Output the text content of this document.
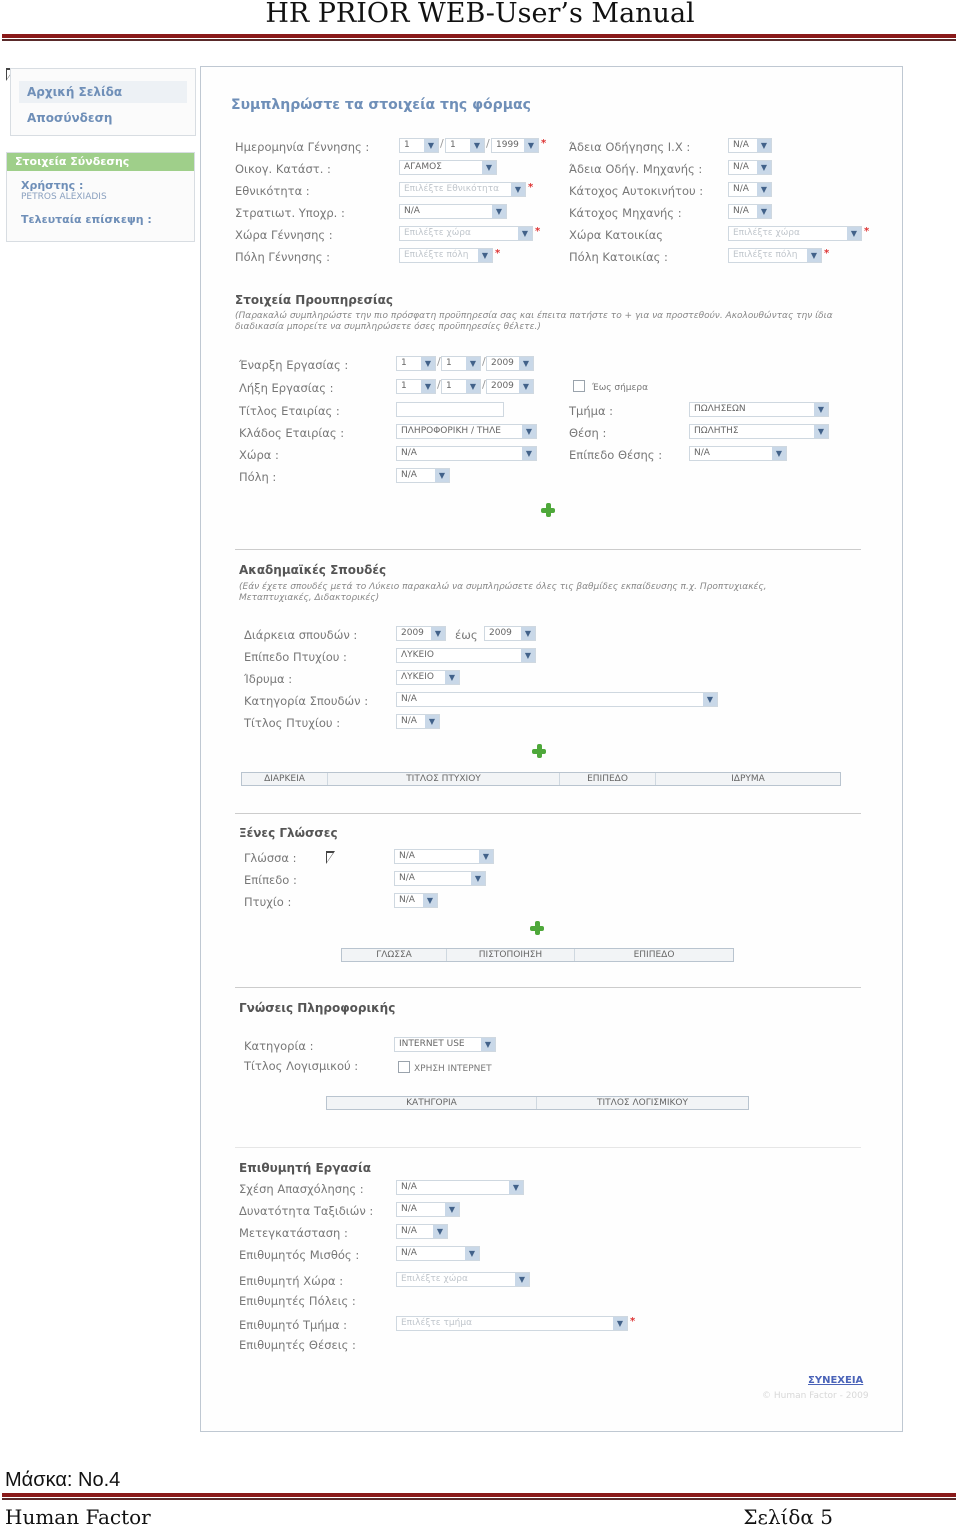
HR PRIOR WEB-User’s Manual
Αρχική Σελίδα
Αποσύνδεση
Στοιχεία Σύνδεσης
Χρήστης :
PETROS ALEXIADIS
Τελευταία επίσκεψη :
Συμπληρώστε τα στοιχεία της φόρμας
Ημερομηνία Γέννησης :	1	▼ / 1	▼ / 1999	▼ *
Οικογ. Κατάστ. :	ΑΓΑΜΟΣ	▼
Εθνικότητα :	Επιλέξτε Εθνικότητα	▼ *
Στρατιωτ. Υποχρ. :	N/A	▼
Χώρα Γέννησης :	Επιλέξτε χώρα	▼ *
Πόλη Γέννησης :	Επιλέξτε πόλη	▼ *
Άδεια Οδήγησης I.X :	N/A	▼
Άδεια Οδήγ. Μηχανής :	N/A	▼
Κάτοχος Αυτοκινήτου :	N/A	▼
Κάτοχος Μηχανής :	N/A	▼
Χώρα Κατοικίας	Επιλέξτε χώρα	▼ *
Πόλη Κατοικίας :	Επιλέξτε πόλη	▼ *
Στοιχεία Προυπηρεσίας
(Παρακαλώ συμπληρώστε την πιο πρόσφατη προϋπηρεσία σας και έπειτα πατήστε το + για να προστεθούν. Ακολουθώντας την ίδια διαδικασία μπορείτε να συμπληρώσετε όσες προϋπηρεσίες θέλετε.)
Έναρξη Εργασίας :	1	▼ / 1	▼ / 2009	▼
Λήξη Εργασίας :	1	▼ / 1	▼ / 2009	▼	Έως σήμερα
Τίτλος Εταιρίας :
Κλάδος Εταιρίας :	ΠΛΗΡΟΦΟΡΙΚΗ / ΤΗΛΕ	▼
Χώρα :	N/A	▼
Πόλη :	N/A	▼
Τμήμα :	ΠΩΛΗΣΕΩΝ	▼
Θέση :	ΠΩΛΗΤΗΣ	▼
Επίπεδο Θέσης :	N/A	▼
Ακαδημαϊκές Σπουδές
(Εάν έχετε σπουδές μετά το Λύκειο παρακαλώ να συμπληρώσετε όλες τις βαθμίδες εκπαίδευσης π.χ. Προπτυχιακές, Μεταπτυχιακές, Διδακτορικές)
Διάρκεια σπουδών :	2009	▼	έως	2009	▼
Επίπεδο Πτυχίου :	ΛΥΚΕΙΟ	▼
Ίδρυμα :	ΛΥΚΕΙΟ	▼
Κατηγορία Σπουδών :	N/A	▼
Τίτλος Πτυχίου :	N/A	▼
ΔΙΑΡΚΕΙΑ	ΤΙΤΛΟΣ ΠΤΥΧΙΟΥ	ΕΠΙΠΕΔΟ	ΙΔΡΥΜΑ
Ξένες Γλώσσες
Γλώσσα :	N/A	▼
Επίπεδο :	N/A	▼
Πτυχίο :	N/A	▼
ΓΛΩΣΣΑ	ΠΙΣΤΟΠΟΙΗΣΗ	ΕΠΙΠΕΔΟ
Γνώσεις Πληροφορικής
Κατηγορία :	INTERNET USE	▼
Τίτλος Λογισμικού :	ΧΡΗΣΗ ΙΝΤΕΡΝΕΤ
ΚΑΤΗΓΟΡΙΑ	ΤΙΤΛΟΣ ΛΟΓΙΣΜΙΚΟΥ
Επιθυμητή Εργασία
Σχέση Απασχόλησης :	N/A	▼
Δυνατότητα Ταξιδιών :	N/A	▼
Μετεγκατάσταση :	N/A	▼
Επιθυμητός Μισθός :	N/A	▼
Επιθυμητή Χώρα :	Επιλέξτε χώρα	▼
Επιθυμητές Πόλεις :
Επιθυμητό Τμήμα :	Επιλέξτε τμήμα	▼ *
Επιθυμητές Θέσεις :
ΣΥΝΕΧΕΙΑ
© Human Factor - 2009
Μάσκα: No.4
Human Factor	Σελίδα 5
